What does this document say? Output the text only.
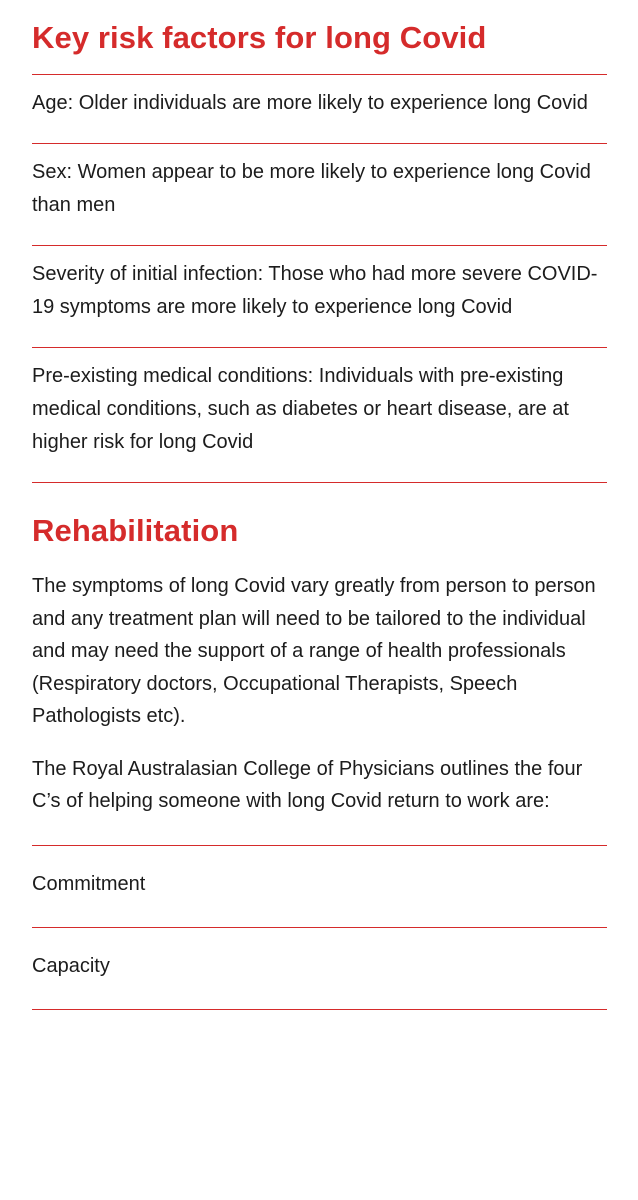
Key risk factors for long Covid

Age: Older individuals are more likely to experience long Covid

Sex: Women appear to be more likely to experience long Covid than men

Severity of initial infection: Those who had more severe COVID-19 symptoms are more likely to experience long Covid

Pre-existing medical conditions: Individuals with pre-existing medical conditions, such as diabetes or heart disease, are at higher risk for long Covid

Rehabilitation

The symptoms of long Covid vary greatly from person to person and any treatment plan will need to be tailored to the individual and may need the support of a range of health professionals (Respiratory doctors, Occupational Therapists, Speech Pathologists etc).

The Royal Australasian College of Physicians outlines the four C’s of helping someone with long Covid return to work are:

Commitment

Capacity
